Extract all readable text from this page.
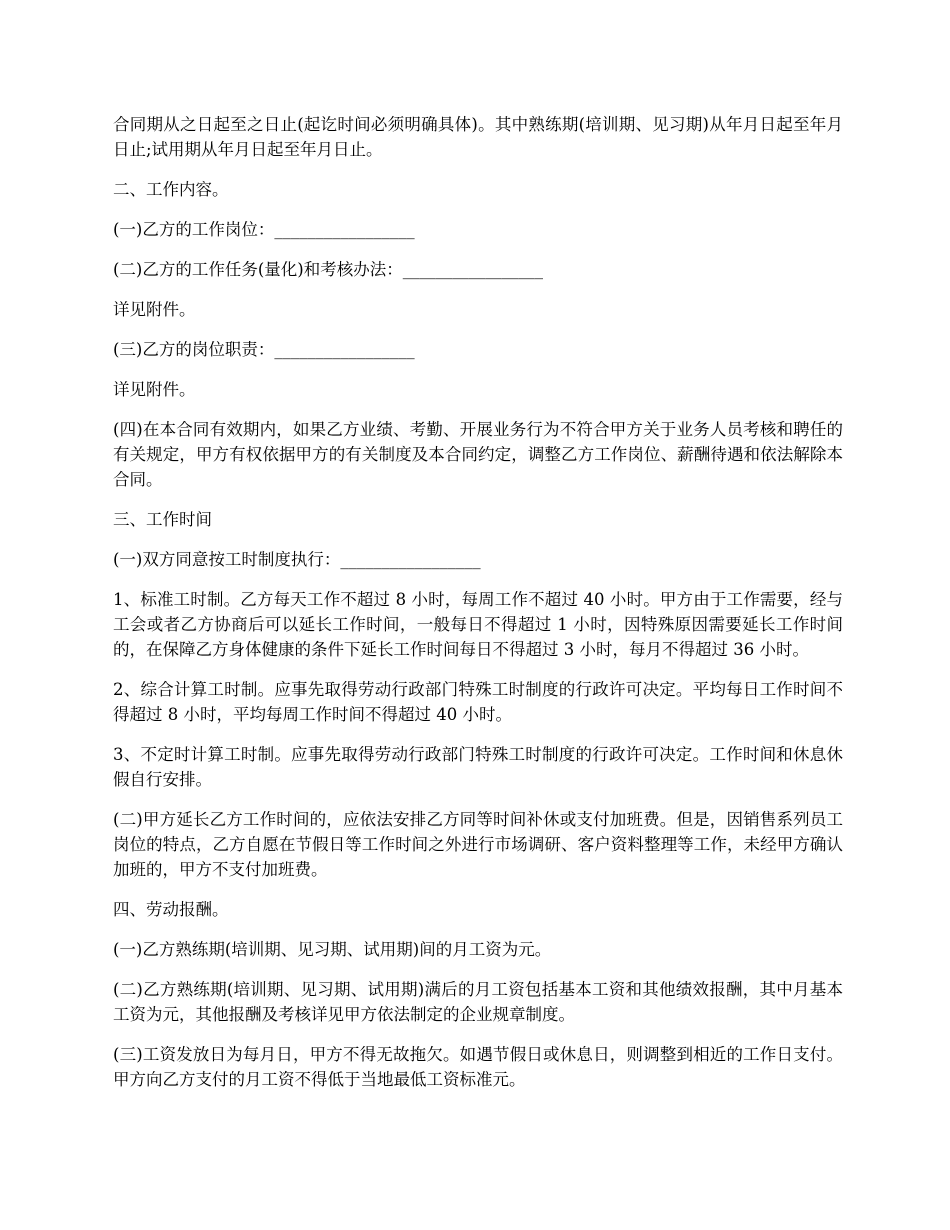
合同期从之日起至之日止(起讫时间必须明确具体)。其中熟练期(培训期、见习期)从年月日起至年月日止;试用期从年月日起至年月日止。

二、工作内容。

(一)乙方的工作岗位：_________________

(二)乙方的工作任务(量化)和考核办法：_________________

详见附件。

(三)乙方的岗位职责：_________________

详见附件。

(四)在本合同有效期内，如果乙方业绩、考勤、开展业务行为不符合甲方关于业务人员考核和聘任的有关规定，甲方有权依据甲方的有关制度及本合同约定，调整乙方工作岗位、薪酬待遇和依法解除本合同。

三、工作时间

(一)双方同意按工时制度执行：_________________

1、标准工时制。乙方每天工作不超过 8 小时，每周工作不超过 40 小时。甲方由于工作需要，经与工会或者乙方协商后可以延长工作时间，一般每日不得超过 1 小时，因特殊原因需要延长工作时间的，在保障乙方身体健康的条件下延长工作时间每日不得超过 3 小时，每月不得超过 36 小时。

2、综合计算工时制。应事先取得劳动行政部门特殊工时制度的行政许可决定。平均每日工作时间不得超过 8 小时，平均每周工作时间不得超过 40 小时。

3、不定时计算工时制。应事先取得劳动行政部门特殊工时制度的行政许可决定。工作时间和休息休假自行安排。

(二)甲方延长乙方工作时间的，应依法安排乙方同等时间补休或支付加班费。但是，因销售系列员工岗位的特点，乙方自愿在节假日等工作时间之外进行市场调研、客户资料整理等工作，未经甲方确认加班的，甲方不支付加班费。

四、劳动报酬。

(一)乙方熟练期(培训期、见习期、试用期)间的月工资为元。

(二)乙方熟练期(培训期、见习期、试用期)满后的月工资包括基本工资和其他绩效报酬，其中月基本工资为元，其他报酬及考核详见甲方依法制定的企业规章制度。

(三)工资发放日为每月日，甲方不得无故拖欠。如遇节假日或休息日，则调整到相近的工作日支付。甲方向乙方支付的月工资不得低于当地最低工资标准元。
